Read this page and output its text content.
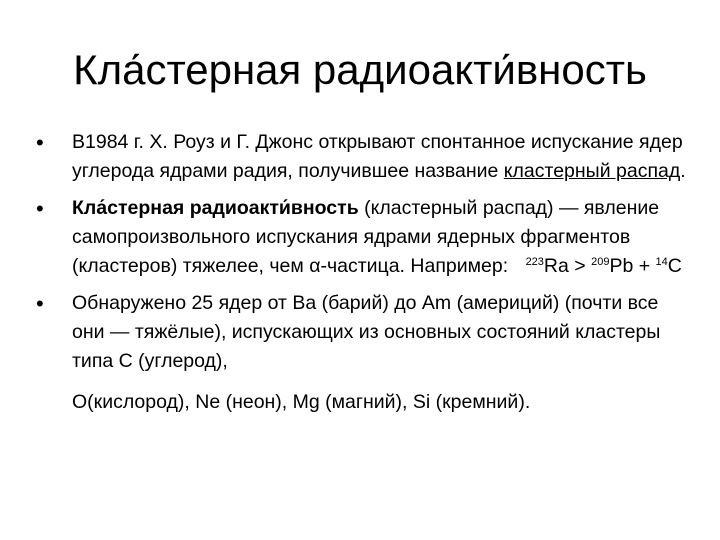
Кла́стерная радиоакти́вность
• В1984 г. Х. Роуз и Г. Джонс открывают спонтанное испускание ядер углерода ядрами радия, получившее название кластерный распад.
• Кла́стерная радиоакти́вность (кластерный распад) — явление самопроизвольного испускания ядрами ядерных фрагментов (кластеров) тяжелее, чем α-частица. Например: $^{223}$Ra > $^{209}$Pb + $^{14}$C
• Обнаружено 25 ядер от Ва (барий) до Am (америций) (почти все они — тяжёлые), испускающих из основных состояний кластеры типа С (углерод),
О(кислород), Ne (неон), Mg (магний), Si (кремний).
